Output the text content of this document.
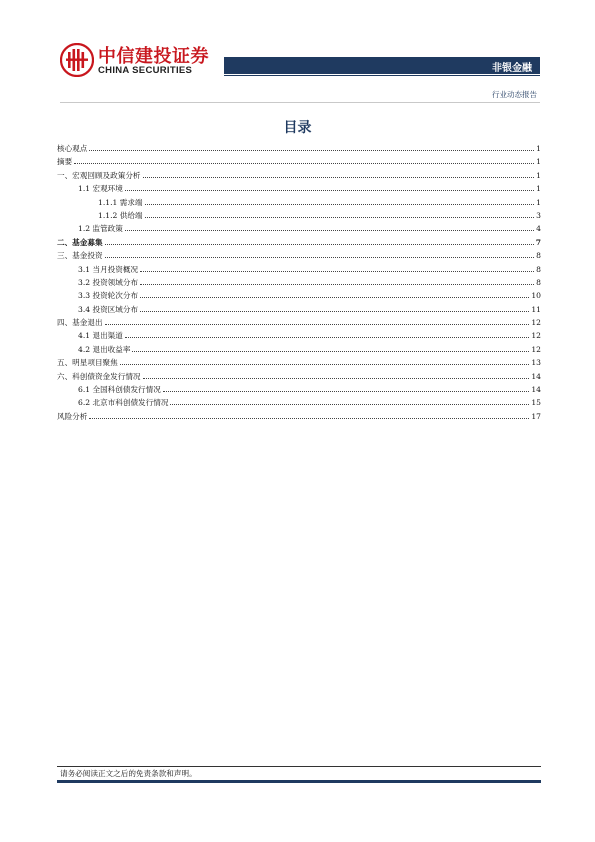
中信建投证券
CHINA SECURITIES	非银金融
行业动态报告
目录
核心观点	1
摘要	1
一、宏观回顾及政策分析	1
1.1 宏观环境	1
1.1.1 需求端	1
1.1.2 供给端	3
1.2 监管政策	4
二、基金募集	7
三、基金投资	8
3.1 当月投资概况	8
3.2 投资领域分布	8
3.3 投资轮次分布	10
3.4 投资区域分布	11
四、基金退出	12
4.1 退出渠道	12
4.2 退出收益率	12
五、明星项目聚焦	13
六、科创债资金发行情况	14
6.1 全国科创债发行情况	14
6.2 北京市科创债发行情况	15
风险分析	17
请务必阅读正文之后的免责条款和声明。
